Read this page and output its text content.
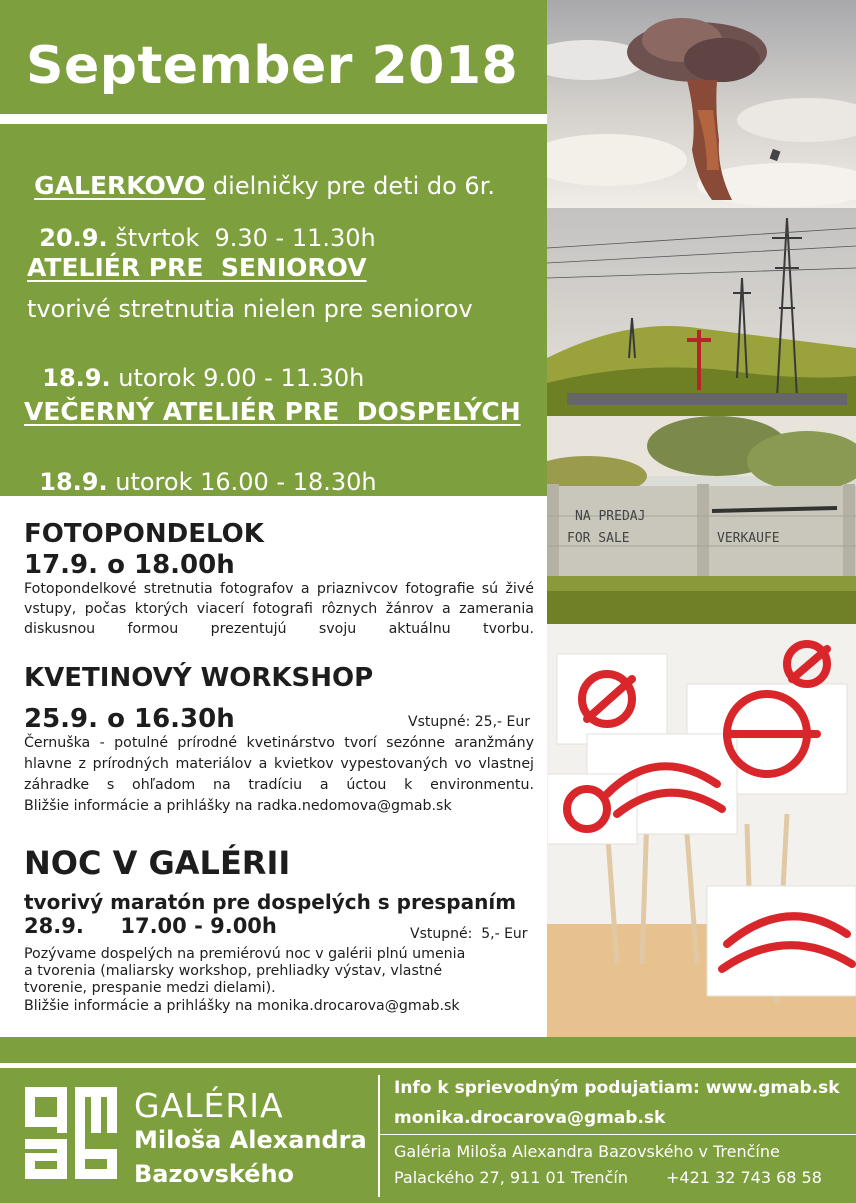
September 2018

GALERKOVO dielničky pre deti do 6r.

20.9. štvrtok  9.30 - 11.30h

ATELIÉR PRE  SENIOROV
tvorivé stretnutia nielen pre seniorov

18.9. utorok 9.00 - 11.30h

VEČERNÝ ATELIÉR PRE  DOSPELÝCH

18.9. utorok 16.00 - 18.30h

NA PREDAJ
FOR SALE	VERKAUFE
FOTOPONDELOK
17.9. o 18.00h
Fotopondelkové stretnutia fotografov a priaznivcov fotografie sú živé
vstupy, počas ktorých viacerí fotografi rôznych žánrov a zamerania
diskusnou formou prezentujú svoju aktuálnu tvorbu.
KVETINOVÝ WORKSHOP
25.9. o 16.30h	Vstupné: 25,- Eur
Černuška - potulné prírodné kvetinárstvo tvorí sezónne aranžmány
hlavne z prírodných materiálov a kvietkov vypestovaných vo vlastnej
záhradke s ohľadom na tradíciu a úctou k environmentu.
Bližšie informácie a prihlášky na radka.nedomova@gmab.sk
NOC V GALÉRII
tvorivý maratón pre dospelých s prespaním
28.9.     17.00 - 9.00h	Vstupné:  5,- Eur
Pozývame dospelých na premiérovú noc v galérii plnú umenia
a tvorenia (maliarsky workshop, prehliadky výstav, vlastné
tvorenie, prespanie medzi dielami).
Bližšie informácie a prihlášky na monika.drocarova@gmab.sk
GALÉRIA
Miloša Alexandra
Bazovského
Info k sprievodným podujatiam: www.gmab.sk
monika.drocarova@gmab.sk
Galéria Miloša Alexandra Bazovského v Trenčíne
Palackého 27, 911 01 Trenčín +421 32 743 68 58
